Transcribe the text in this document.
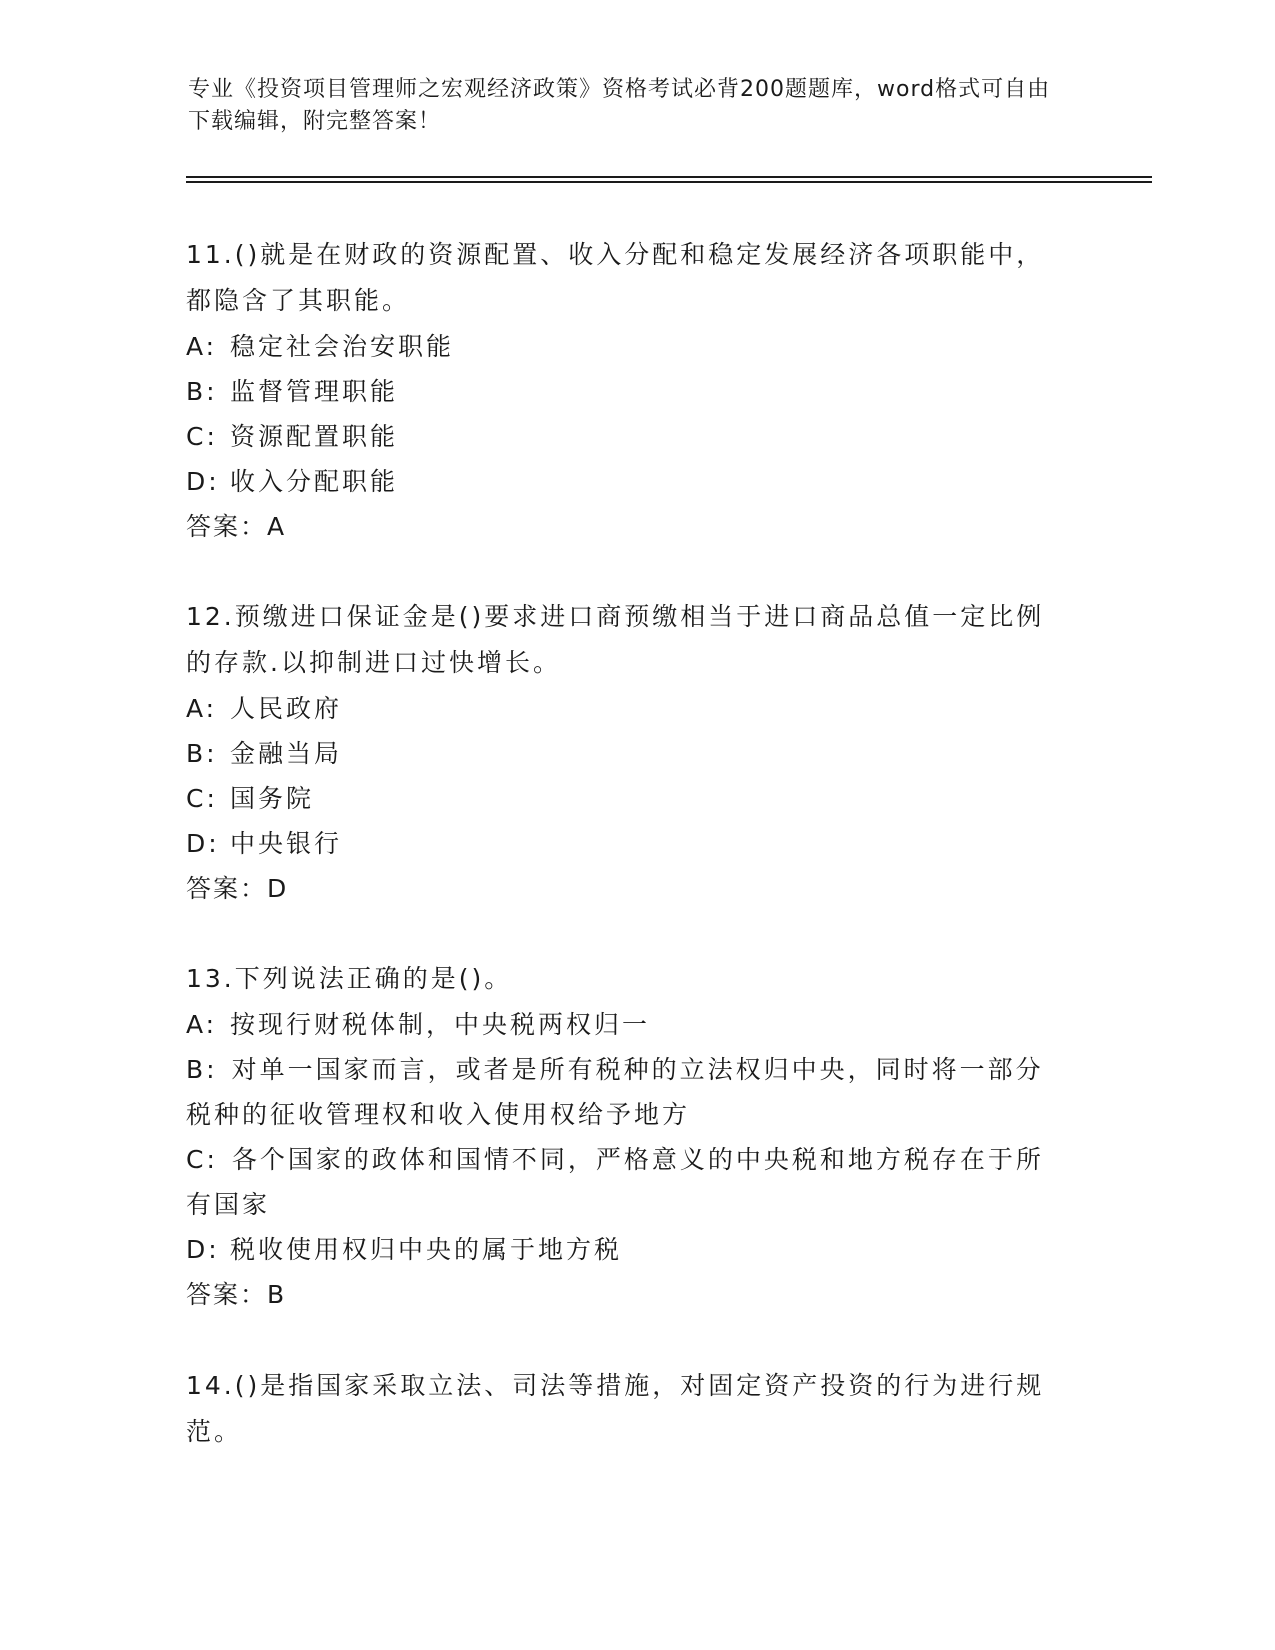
专业《投资项目管理师之宏观经济政策》资格考试必背200题题库，word格式可自由下载编辑，附完整答案！

11.()就是在财政的资源配置、收入分配和稳定发展经济各项职能中，都隐含了其职能。

A: 稳定社会治安职能

B: 监督管理职能

C: 资源配置职能

D: 收入分配职能

答案：A

12.预缴进口保证金是()要求进口商预缴相当于进口商品总值一定比例的存款.以抑制进口过快增长。

A: 人民政府

B: 金融当局

C: 国务院

D: 中央银行

答案：D

13.下列说法正确的是()。

A: 按现行财税体制，中央税两权归一

B: 对单一国家而言，或者是所有税种的立法权归中央，同时将一部分税种的征收管理权和收入使用权给予地方

C: 各个国家的政体和国情不同，严格意义的中央税和地方税存在于所有国家

D: 税收使用权归中央的属于地方税

答案：B

14.()是指国家采取立法、司法等措施，对固定资产投资的行为进行规范。
